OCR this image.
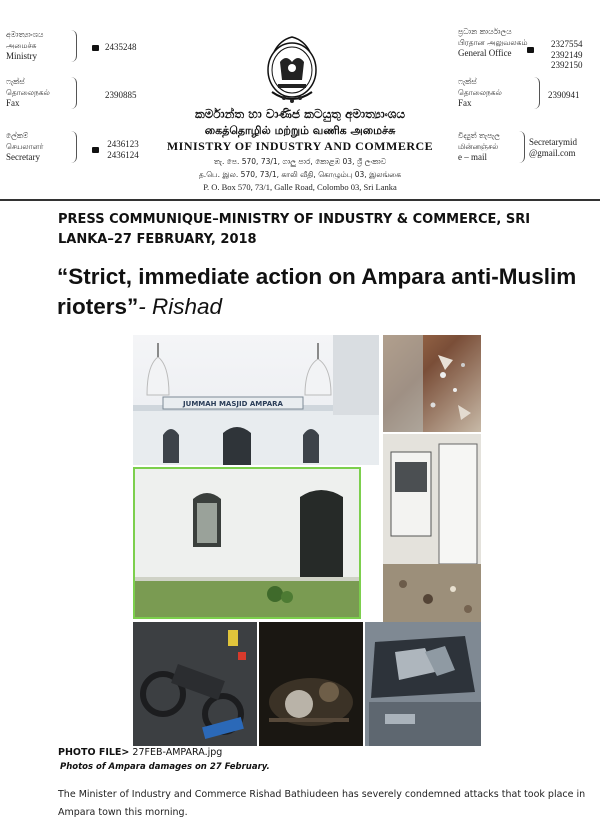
අමාත්‍යාංශය
அமைச்சு
Ministry
2435248
ෆැක්ස්
தொலைநகல்
Fax
2390885
ලේකම්
செயலாளர்
Secretary

2436123
2436124
කර්මාන්ත හා වාණිජ කටයුතු අමාත්‍යාංශය
கைத்தொழில் மற்றும் வணிக அமைச்சு
MINISTRY OF INDUSTRY AND COMMERCE
තැ. පෙ. 570, 73/1, ගාලු පාර, කොළඹ 03, ශ්‍රී ලංකාව
த.பெ. இல. 570, 73/1, காலி வீதி, கொழும்பு 03, இலங்கை
P. O. Box 570, 73/1, Galle Road, Colombo 03, Sri Lanka
ප්‍රධාන කාර්යාලය
பிரதான அலுவலகம்
General Office
2327554
2392149
2392150
ෆැක්ස්
தொலைநகல்
Fax
2390941
විද්‍යුත් තැපැල
மின்னஞ்சல்
e – mail
Secretarymid
@gmail.com
PRESS COMMUNIQUE–MINISTRY OF INDUSTRY & COMMERCE, SRI LANKA–27 FEBRUARY, 2018
“Strict, immediate action on Ampara anti-Muslim rioters”- Rishad
JUMMAH MASJID AMPARA
PHOTO FILE> 27FEB-AMPARA.jpg
Photos of Ampara damages on 27 February.
The Minister of Industry and Commerce Rishad Bathiudeen has severely condemned attacks that took place in Ampara town this morning.
